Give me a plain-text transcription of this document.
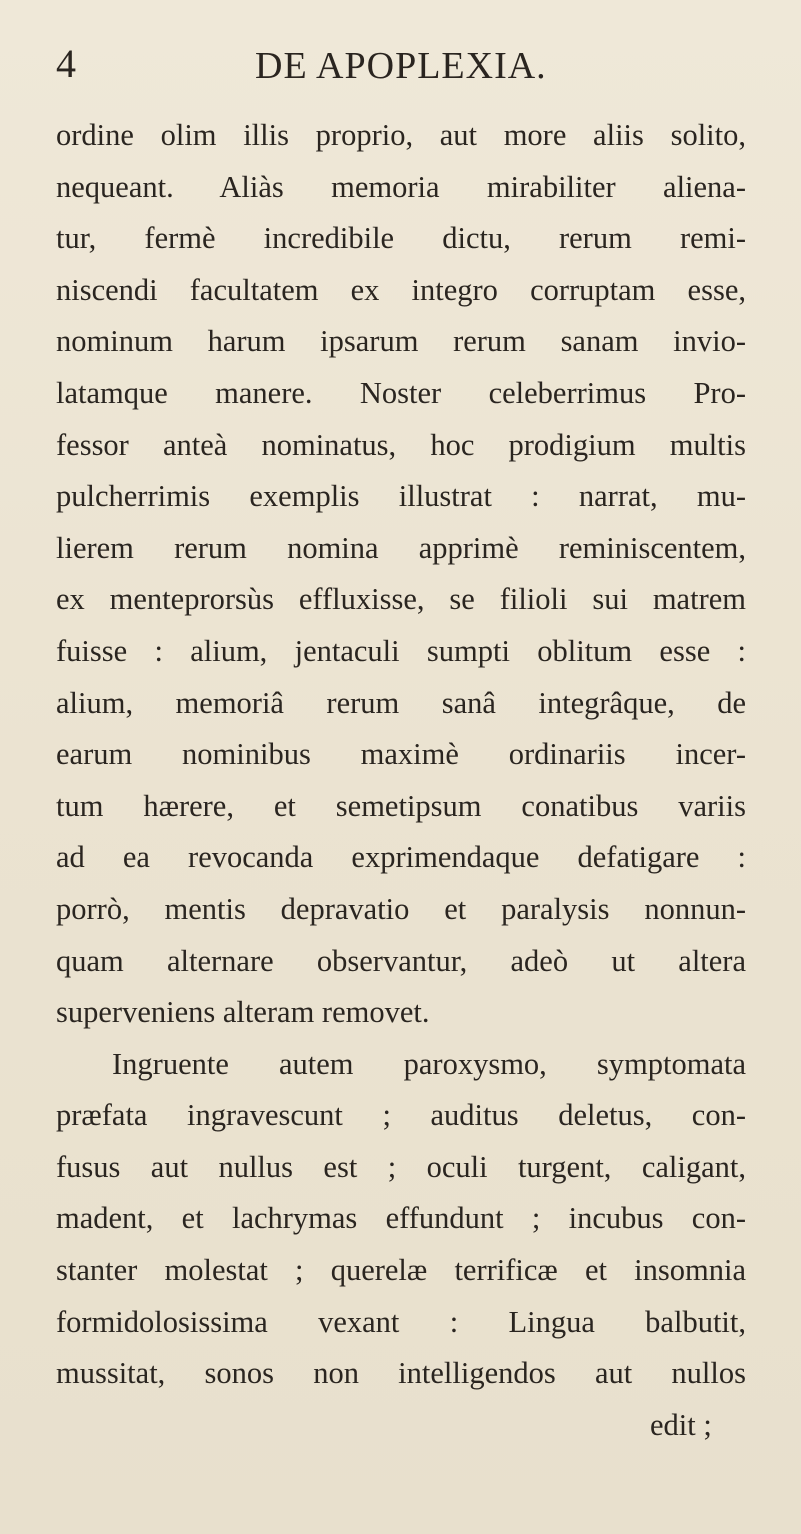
4	DE APOPLEXIA.
ordine olim illis proprio, aut more aliis solito,
nequeant. Aliàs memoria mirabiliter aliena-
tur, fermè incredibile dictu, rerum remi-
niscendi facultatem ex integro corruptam esse,
nominum harum ipsarum rerum sanam invio-
latamque manere. Noster celeberrimus Pro-
fessor anteà nominatus, hoc prodigium multis
pulcherrimis exemplis illustrat : narrat, mu-
lierem rerum nomina apprimè reminiscentem,
ex menteprorsùs effluxisse, se filioli sui matrem
fuisse : alium, jentaculi sumpti oblitum esse :
alium, memoriâ rerum sanâ integrâque, de
earum nominibus maximè ordinariis incer-
tum hærere, et semetipsum conatibus variis
ad ea revocanda exprimendaque defatigare :
porrò, mentis depravatio et paralysis nonnun-
quam alternare observantur, adeò ut altera
superveniens alteram removet.
Ingruente autem paroxysmo, symptomata
præfata ingravescunt ; auditus deletus, con-
fusus aut nullus est ; oculi turgent, caligant,
madent, et lachrymas effundunt ; incubus con-
stanter molestat ; querelæ terrificæ et insomnia
formidolosissima vexant : Lingua balbutit,
mussitat, sonos non intelligendos aut nullos
edit ;
